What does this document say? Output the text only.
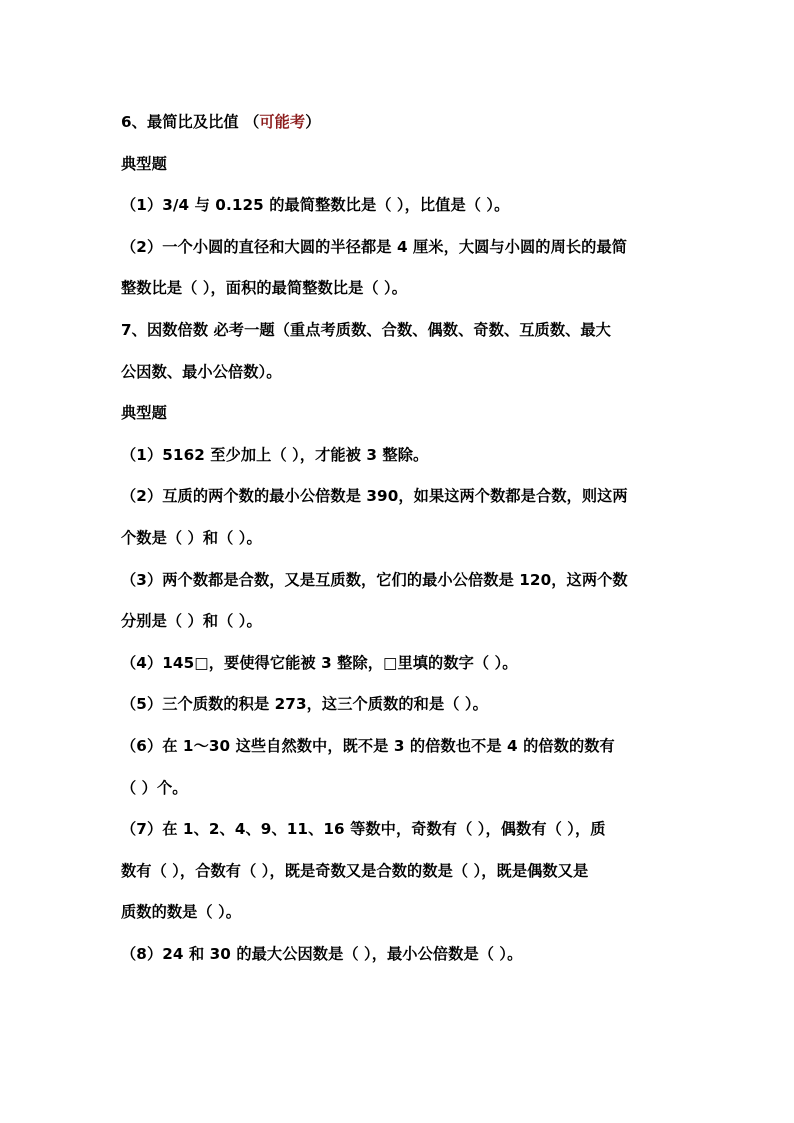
6、最简比及比值 （可能考）
典型题
（1）3/4 与 0.125 的最简整数比是（ ），比值是（ ）。
（2）一个小圆的直径和大圆的半径都是 4 厘米，大圆与小圆的周长的最简
整数比是（ ），面积的最简整数比是（ ）。
7、因数倍数 必考一题（重点考质数、合数、偶数、奇数、互质数、最大
公因数、最小公倍数）。
典型题
（1）5162 至少加上（ ），才能被 3 整除。
（2）互质的两个数的最小公倍数是 390，如果这两个数都是合数，则这两
个数是（ ）和（ ）。
（3）两个数都是合数，又是互质数，它们的最小公倍数是 120，这两个数
分别是（ ）和（ ）。
（4）145□，要使得它能被 3 整除，□里填的数字（ ）。
（5）三个质数的积是 273，这三个质数的和是（ ）。
（6）在 1～30 这些自然数中，既不是 3 的倍数也不是 4 的倍数的数有
（ ）个。
（7）在 1、2、4、9、11、16 等数中，奇数有（ ），偶数有（ ），质
数有（ ），合数有（ ），既是奇数又是合数的数是（ ），既是偶数又是
质数的数是（ ）。
（8）24 和 30 的最大公因数是（ ），最小公倍数是（ ）。
